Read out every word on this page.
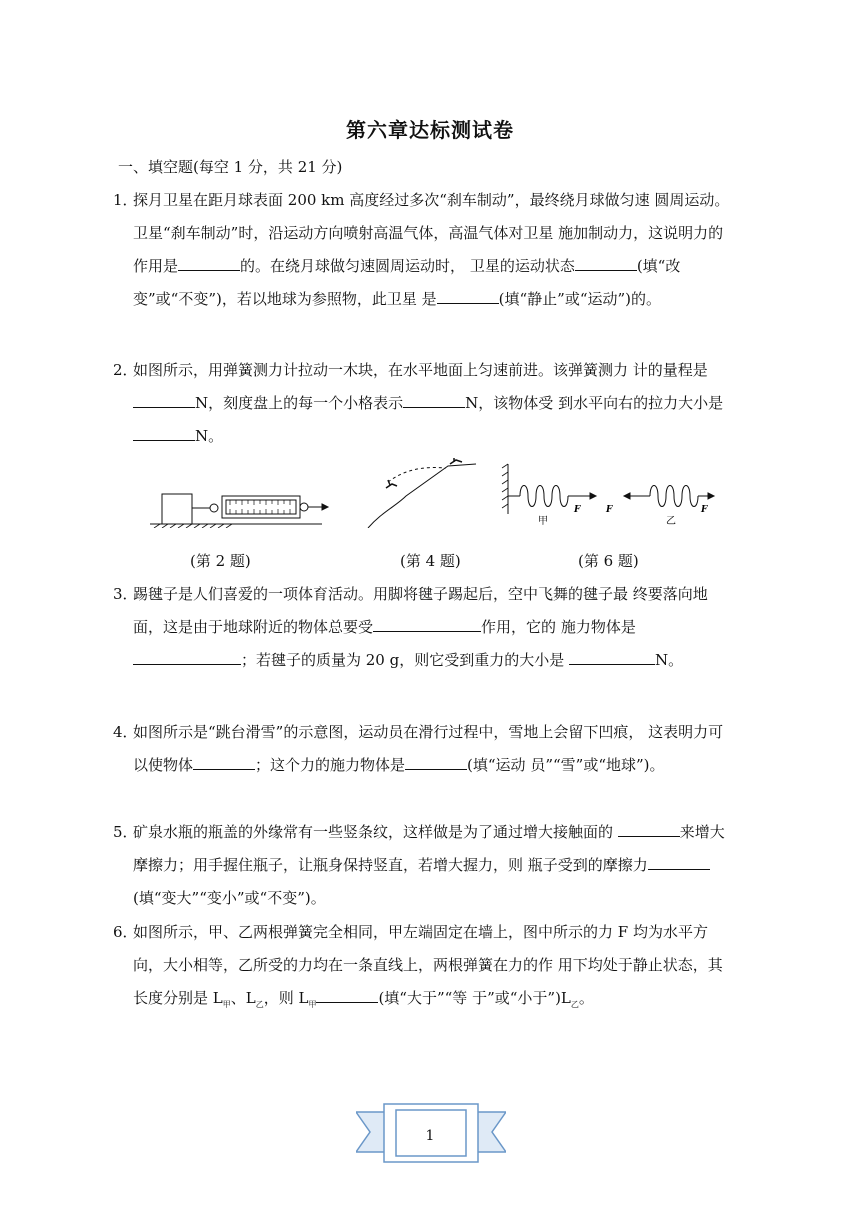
第六章达标测试卷
一、填空题(每空 1 分，共 21 分)
1．

探月卫星在距月球表面 200 km 高度经过多次“刹车制动”，最终绕月球做匀速 圆周运动。卫星“刹车制动”时，沿运动方向喷射高温气体，高温气体对卫星 施加制动力，这说明力的作用是	的。在绕月球做匀速圆周运动时， 卫星的运动状态	(填“改变”或“不变”)，若以地球为参照物，此卫星 是	(填“静止”或“运动”)的。

2．

如图所示，用弹簧测力计拉动一木块，在水平地面上匀速前进。该弹簧测力 计的量程是N，刻度盘上的每一个小格表示	N，该物体受 到水平向右的拉力大小是N。

F	F	F
甲	乙
(第 2 题)	(第 4 题)	(第 6 题)
3．

踢毽子是人们喜爱的一项体育活动。用脚将毽子踢起后，空中飞舞的毽子最 终要落向地面，这是由于地球附近的物体总要受	作用，它的 施力物体是；若毽子的质量为 20 g，则它受到重力的大小是	N。

4．

如图所示是“跳台滑雪”的示意图，运动员在滑行过程中，雪地上会留下凹痕， 这表明力可以使物体	；这个力的施力物体是	(填“运动 员”“雪”或“地球”)。

5．

矿泉水瓶的瓶盖的外缘常有一些竖条纹，这样做是为了通过增大接触面的	来增大摩擦力；用手握住瓶子，让瓶身保持竖直，若增大握力，则 瓶子受到的摩擦力(填“变大”“变小”或“不变”)。

6．

如图所示，甲、乙两根弹簧完全相同，甲左端固定在墙上，图中所示的力 F 均为水平方向，大小相等，乙所受的力均在一条直线上，两根弹簧在力的作 用下均处于静止状态，其长度分别是 $L_甲$、$L_乙$，则 $L_甲$	(填“大于”“等 于”或“小于$”)L_乙$。

1
